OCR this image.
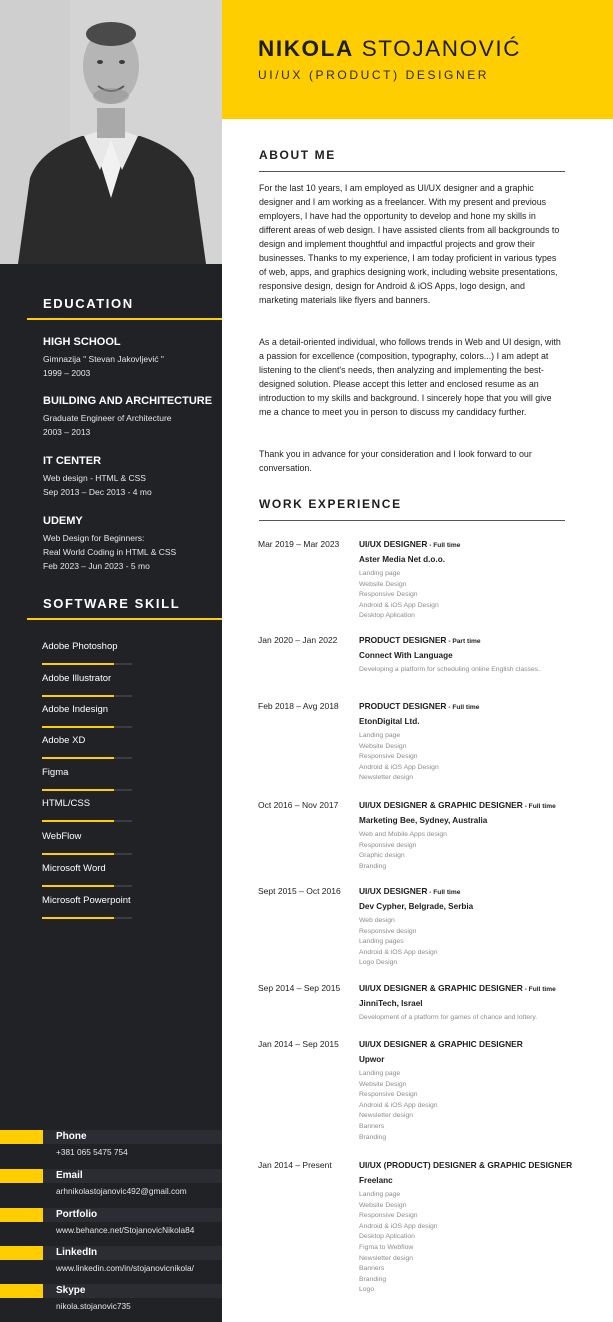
EDUCATION
HIGH SCHOOL
Gimnazija " Stevan Jakovljević "
1999 – 2003
BUILDING AND ARCHITECTURE
Graduate Engineer of Architecture
2003 – 2013
IT CENTER
Web design - HTML & CSS
Sep 2013 – Dec 2013 - 4 mo
UDEMY
Web Design for Beginners:
Real World Coding in HTML & CSS
Feb 2023 – Jun 2023 - 5 mo
SOFTWARE SKILL
Adobe Photoshop
Adobe Illustrator
Adobe Indesign
Adobe XD
Figma
HTML/CSS
WebFlow
Microsoft Word
Microsoft Powerpoint
Phone
+381 065 5475 754
Email
arhnikolastojanovic492@gmail.com
Portfolio
www.behance.net/StojanovicNikola84
LinkedIn
www.linkedin.com/in/stojanovicnikola/
Skype
nikola.stojanovic735
NIKOLA STOJANOVIĆ
UI/UX (PRODUCT) DESIGNER
ABOUT ME
For the last 10 years, I am employed as UI/UX designer and a graphic designer and I am working as a freelancer. With my present and previous employers, I have had the opportunity to develop and hone my skills in different areas of web design. I have assisted clients from all backgrounds to design and implement thoughtful and impactful projects and grow their businesses. Thanks to my experience, I am today proficient in various types of web, apps, and graphics designing work, including website presentations, responsive design, design for Android & iOS Apps, logo design, and marketing materials like flyers and banners.
As a detail-oriented individual, who follows trends in Web and UI design, with a passion for excellence (composition, typography, colors...) I am adept at listening to the client's needs, then analyzing and implementing the best-designed solution. Please accept this letter and enclosed resume as an introduction to my skills and background. I sincerely hope that you will give me a chance to meet you in person to discuss my candidacy further.
Thank you in advance for your consideration and I look forward to our conversation.
WORK EXPERIENCE
Mar 2019 – Mar 2023 UI/UX DESIGNER - Full time
Aster Media Net d.o.o.
Landing page
Website Design
Responsive Design
Android & iOS App Design
Desktop Aplication
Jan 2020 – Jan 2022	PRODUCT DESIGNER - Part time
Connect With Language
Developing a platform for scheduling online English classes.
Feb 2018 – Avg 2018 PRODUCT DESIGNER - Full time
EtonDigital Ltd.
Landing page
Website Design
Responsive Design
Android & iOS App Design
Newsletter design
Oct 2016 – Nov 2017 UI/UX DESIGNER & GRAPHIC DESIGNER - Full time
Marketing Bee, Sydney, Australia
Web and Mobile Apps design
Responsive design
Graphic design
Branding
Sept 2015 – Oct 2016 UI/UX DESIGNER - Full time
Dev Cypher, Belgrade, Serbia
Web design
Responsive design
Landing pages
Android & iOS App design
Logo Design
Sep 2014 – Sep 2015 UI/UX DESIGNER & GRAPHIC DESIGNER - Full time
JinniTech, Israel
Development of a platform for games of chance and lottery.
Jan 2014 – Sep 2015 UI/UX DESIGNER & GRAPHIC DESIGNER
Upwor
Landing page
Website Design
Responsive Design
Android & iOS App design
Newsletter design
Banners
Branding
Jan 2014 – Present	UI/UX (PRODUCT) DESIGNER & GRAPHIC DESIGNER
Freelanc
Landing page
Website Design
Responsive Design
Android & iOS App design
Desktop Aplication
Figma to Webflow
Newsletter design
Banners
Branding
Logo
